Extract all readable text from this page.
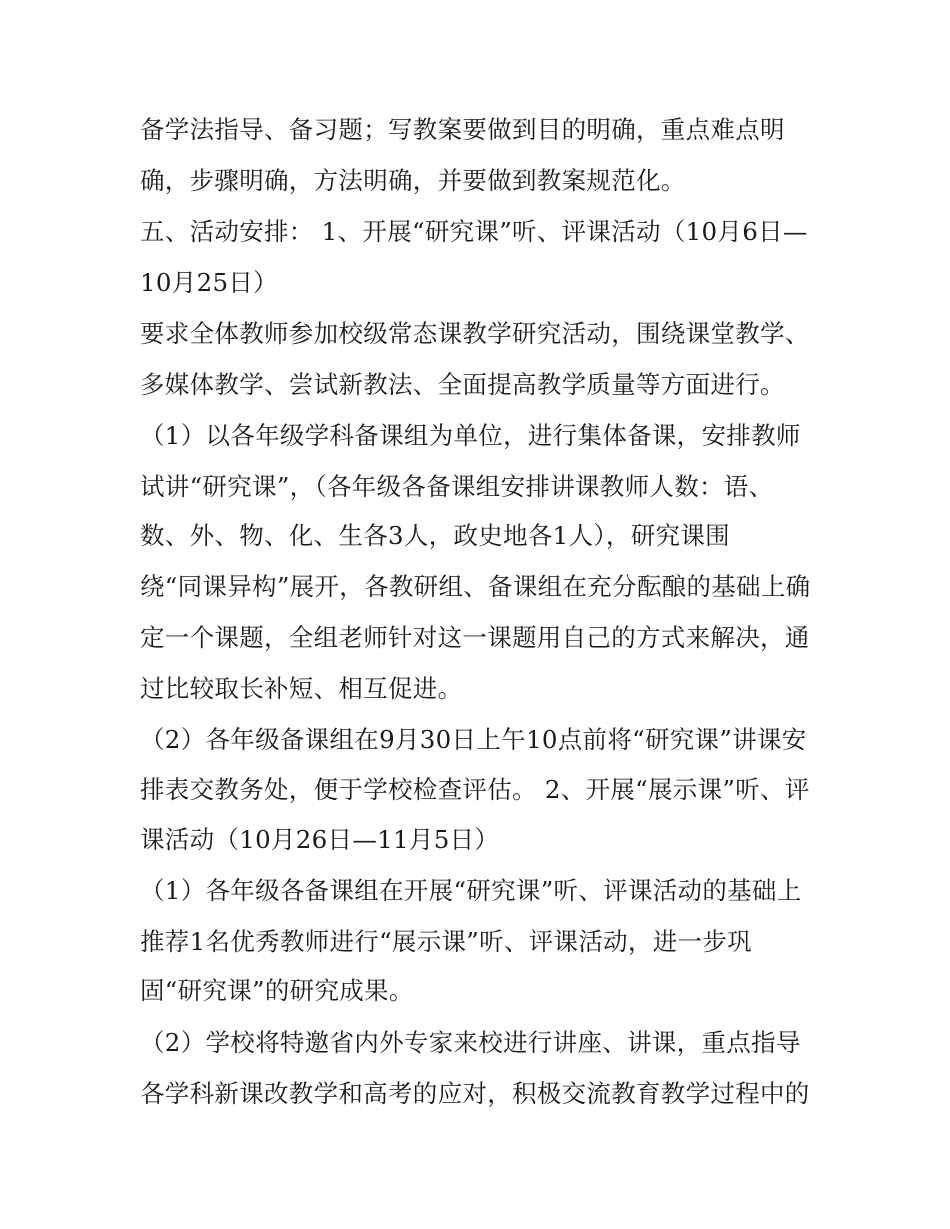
备学法指导、备习题；写教案要做到目的明确，重点难点明
确，步骤明确，方法明确，并要做到教案规范化。
五、活动安排： 1、开展“研究课”听、评课活动（10月6日—
10月25日）
要求全体教师参加校级常态课教学研究活动，围绕课堂教学、
多媒体教学、尝试新教法、全面提高教学质量等方面进行。
（1）以各年级学科备课组为单位，进行集体备课，安排教师
试讲“研究课”，（各年级各备课组安排讲课教师人数：语、
数、外、物、化、生各3人，政史地各1人），研究课围
绕“同课异构”展开，各教研组、备课组在充分酝酿的基础上确
定一个课题，全组老师针对这一课题用自己的方式来解决，通
过比较取长补短、相互促进。
（2）各年级备课组在9月30日上午10点前将“研究课”讲课安
排表交教务处，便于学校检查评估。 2、开展“展示课”听、评
课活动（10月26日—11月5日）
（1）各年级各备课组在开展“研究课”听、评课活动的基础上
推荐1名优秀教师进行“展示课”听、评课活动，进一步巩
固“研究课”的研究成果。
（2）学校将特邀省内外专家来校进行讲座、讲课，重点指导
各学科新课改教学和高考的应对，积极交流教育教学过程中的
